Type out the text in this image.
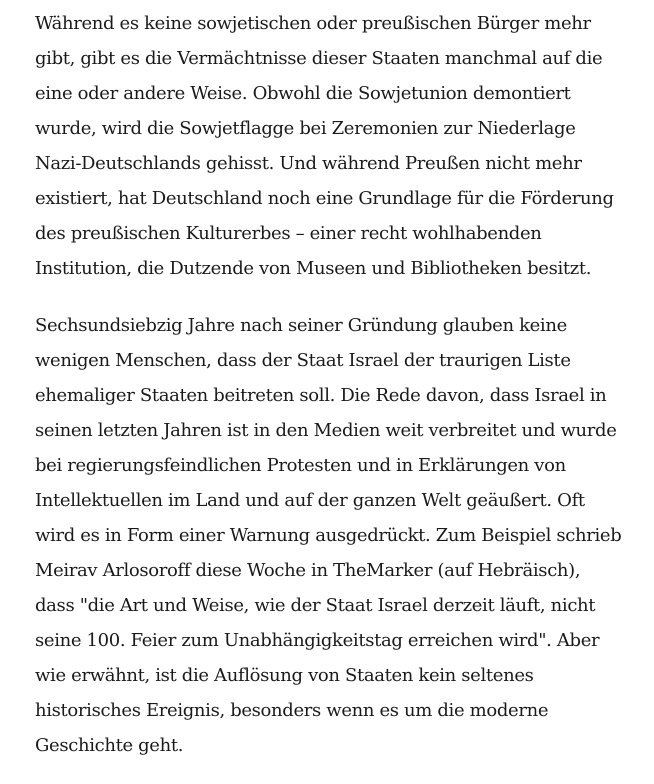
Während es keine sowjetischen oder preußischen Bürger mehr
gibt, gibt es die Vermächtnisse dieser Staaten manchmal auf die
eine oder andere Weise. Obwohl die Sowjetunion demontiert
wurde, wird die Sowjetflagge bei Zeremonien zur Niederlage
Nazi-Deutschlands gehisst. Und während Preußen nicht mehr
existiert, hat Deutschland noch eine Grundlage für die Förderung
des preußischen Kulturerbes – einer recht wohlhabenden
Institution, die Dutzende von Museen und Bibliotheken besitzt.

Sechsundsiebzig Jahre nach seiner Gründung glauben keine
wenigen Menschen, dass der Staat Israel der traurigen Liste
ehemaliger Staaten beitreten soll. Die Rede davon, dass Israel in
seinen letzten Jahren ist in den Medien weit verbreitet und wurde
bei regierungsfeindlichen Protesten und in Erklärungen von
Intellektuellen im Land und auf der ganzen Welt geäußert. Oft
wird es in Form einer Warnung ausgedrückt. Zum Beispiel schrieb
Meirav Arlosoroff diese Woche in TheMarker (auf Hebräisch),
dass "die Art und Weise, wie der Staat Israel derzeit läuft, nicht
seine 100. Feier zum Unabhängigkeitstag erreichen wird". Aber
wie erwähnt, ist die Auflösung von Staaten kein seltenes
historisches Ereignis, besonders wenn es um die moderne
Geschichte geht.
